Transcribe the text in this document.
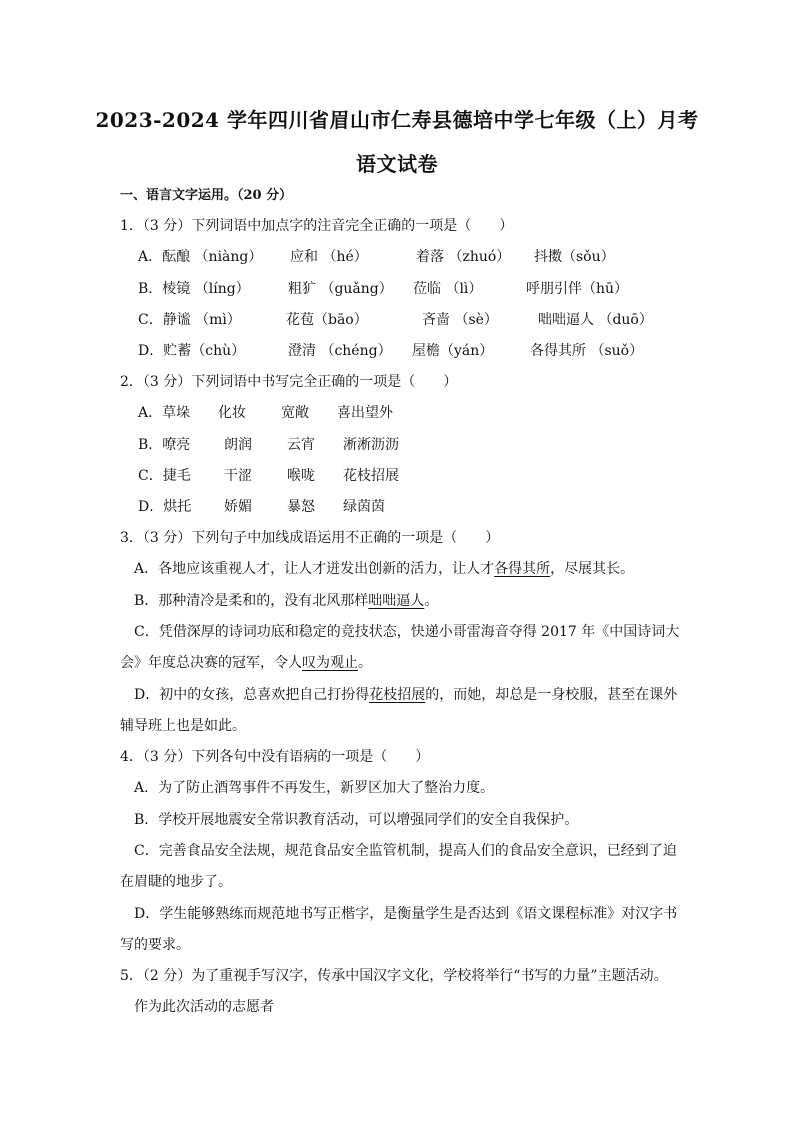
2023-2024 学年四川省眉山市仁寿县德培中学七年级（上）月考
语文试卷
一、语言文字运用。（20 分）
1．（3 分）下列词语中加点字的注音完全正确的一项是（　　）
A．酝酿 （niàng） 应和 （hé）	着落 （zhuó） 抖擞（sǒu）
B．棱镜 （líng）	粗犷 （guǎng） 莅临 （lì）	呼朋引伴（hū）
C．静谧 （mì）	花苞（bāo）	吝啬 （sè）	咄咄逼人 （duō）
D．贮蓄（chù）	澄清 （chéng） 屋檐（yán）	各得其所 （suǒ）
2．（3 分）下列词语中书写完全正确的一项是（　　）
A．草垛 化妆	宽敞 喜出望外
B．嘹亮 朗润	云宵 淅淅沥沥
C．捷毛 干涩	喉咙 花枝招展
D．烘托 娇媚	暴怒 绿茵茵
3．（3 分）下列句子中加线成语运用不正确的一项是（　　）
A．各地应该重视人才，让人才迸发出创新的活力，让人才各得其所，尽展其长。
B．那种清冷是柔和的，没有北风那样咄咄逼人。
C．凭借深厚的诗词功底和稳定的竞技状态，快递小哥雷海音夺得 2017 年《中国诗词大
会》年度总决赛的冠军，令人叹为观止。
D．初中的女孩，总喜欢把自己打扮得花枝招展的，而她，却总是一身校服，甚至在课外
辅导班上也是如此。
4．（3 分）下列各句中没有语病的一项是（　　）
A．为了防止酒驾事件不再发生，新罗区加大了整治力度。
B．学校开展地震安全常识教育活动，可以增强同学们的安全自我保护。
C．完善食品安全法规，规范食品安全监管机制，提高人们的食品安全意识，已经到了迫
在眉睫的地步了。
D．学生能够熟练而规范地书写正楷字，是衡量学生是否达到《语文课程标准》对汉字书
写的要求。
5．（2 分）为了重视手写汉字，传承中国汉字文化，学校将举行“书写的力量”主题活动。
作为此次活动的志愿者
